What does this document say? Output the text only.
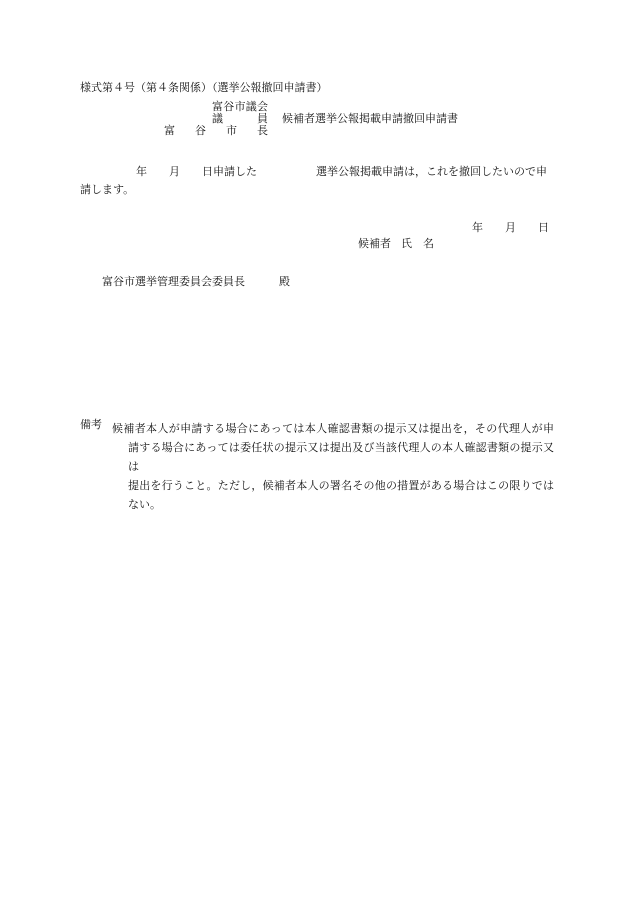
様式第４号（第４条関係）（選挙公報撤回申請書）
富谷市議会
議　　員
富　谷　市　長
候補者選挙公報掲載申請撤回申請書
年　　月　　日申請した	選挙公報掲載申請は，これを撤回したいので申
請します。
年　　月　　日
候補者 氏　名
富谷市選挙管理委員会委員長	殿
備考 候補者本人が申請する場合にあっては本人確認書類の提示又は提出を，その代理人が申
請する場合にあっては委任状の提示又は提出及び当該代理人の本人確認書類の提示又は
提出を行うこと。ただし，候補者本人の署名その他の措置がある場合はこの限りではない。
